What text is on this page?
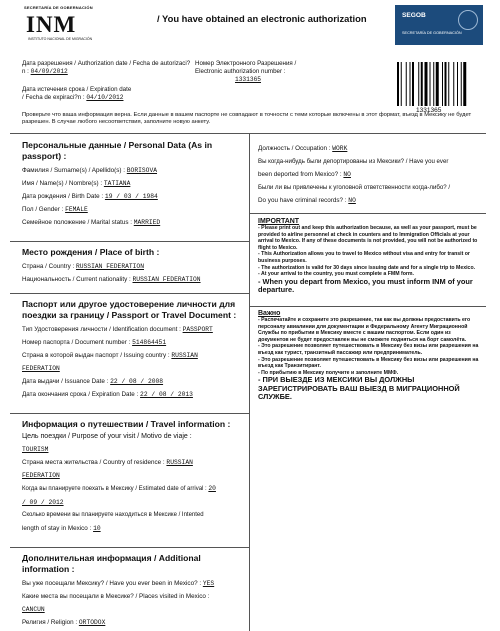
SECRETARÍA DE GOBERNACIÓN
INM
INSTITUTO NACIONAL DE MIGRACIÓN
/ You have obtained an electronic authorization	SEGOB
SECRETARÍA DE GOBERNACIÓN
Дата разрешения / Authorization date / Fecha de autorizaci?n : 04/09/2012
Дата истечения срока / Expiration date
/ Fecha de expiraci?n : 04/10/2012
Номер Электронного Разрешения /
Electronic authorization number :
1331365
1331365
Проверьте что ваша информация верна. Если данные в вашем паспорте не совпадают в точности с теми которые включены в этот формат, въезд в Мексику не будет разрешен. В случае любого несоответствия, заполните новую анкету.
Персональные данные / Personal Data (As in passport) :
Фамилия / Surname(s) / Apellido(s) : BORISOVA
Имя / Name(s) / Nombre(s) : TATIANA
Дата рождения / Birth Date : 19 / 03 / 1984
Пол / Gender : FEMALE
Семейное положение / Marital status : MARRIED
Место рождения / Place of birth :
Страна / Country : RUSSIAN FEDERATION
Национальность / Current nationality : RUSSIAN FEDERATION
Паспорт или другое удостоверение личности для поездки за границу / Passport or Travel Document :
Тип Удостоверения личности / Identification document : PASSPORT
Номер паспорта / Document number : 514864451
Страна в которой выдан паспорт / Issuing country : RUSSIAN
FEDERATION
Дата выдачи / Issuance Date : 22 / 08 / 2008
Дата окончания срока / Expiration Date : 22 / 08 / 2013
Информация о путешествии / Travel information :
Цель поездки / Purpose of your visit / Motivo de viaje :
TOURISM
Страна места жительства / Country of residence : RUSSIAN
FEDERATION
Когда вы планируете поехать в Мексику / Estimated date of arrival : 20
/ 09 / 2012
Сколько времени вы планируете находиться в Мексике / Intented
length of stay in Mexico : 10
Дополнительная информация / Additional information :
Вы уже посещали Мексику? / Have you ever been in Mexico? : YES
Какие места вы посещали в Мексике? / Places visited in Mexico :
CANCUN
Религия / Religion : ORTODOX
Должность / Occupation : WORK
Вы когда-нибудь были депортированы из Мексики? / Have you ever
been deported from Mexico? : NO
Были ли вы привлечены к уголовной ответственности когда-либо? /
Do you have criminal records? : NO
IMPORTANT
- Please print out and keep this authorization because, as well as your passport, must be provided to airline personnel at check in counters and to Immigration Officials at your arrival to Mexico. If any of these documents is not provided, you will not be authorized to flight to Mexico.
- This Authorization allows you to travel to Mexico without visa and entry for transit or business purposes.
- The authorization is valid for 30 days since issuing date and for a single trip to Mexico.
- At your arrival to the country, you must complete a FMM form.
- When you depart from Mexico, you must inform INM of your departure.
Важно
- Распечатайте и сохраните это разрешение, так как вы должны предоставить его персоналу авиалинии для документации и Федеральному Агенту Миграционной Службы по прибытии в Мексику вместе с вашим паспортом. Если один из документов не будет предоставлен вы не сможете подняться на борт самолёта.
- Это разрешение позволяет путешествовать в Мексику без визы или разрешения на въезд как турист, транзитный пассажир или предприниматель.
- Это разрешение позволяет путешествовать в Мексику без визы или разрешения на въезд как Транзитирант.
- По прибытию в Мексику получите и заполните ММФ.
- ПРИ ВЫЕЗДЕ ИЗ МЕКСИКИ ВЫ ДОЛЖНЫ ЗАРЕГИСТРИРОВАТЬ ВАШ ВЫЕЗД В МИГРАЦИОННОЙ СЛУЖБЕ.
